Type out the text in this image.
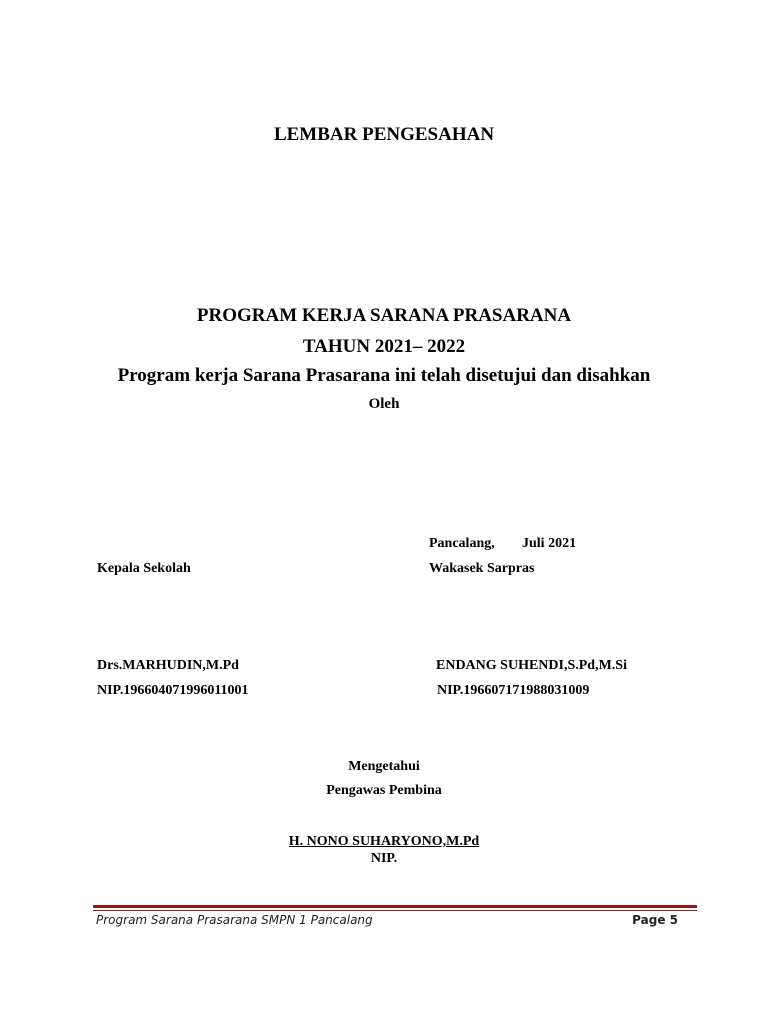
LEMBAR PENGESAHAN
PROGRAM KERJA SARANA PRASARANA
TAHUN 2021– 2022
Program kerja Sarana Prasarana ini telah disetujui dan disahkan
Oleh
Pancalang, Juli 2021
Kepala Sekolah	Wakasek Sarpras
Drs.MARHUDIN,M.Pd	ENDANG SUHENDI,S.Pd,M.Si
NIP.196604071996011001	NIP.196607171988031009
Mengetahui
Pengawas Pembina
H. NONO SUHARYONO,M.Pd
NIP.
Program Sarana Prasarana SMPN 1 Pancalang	Page 5
